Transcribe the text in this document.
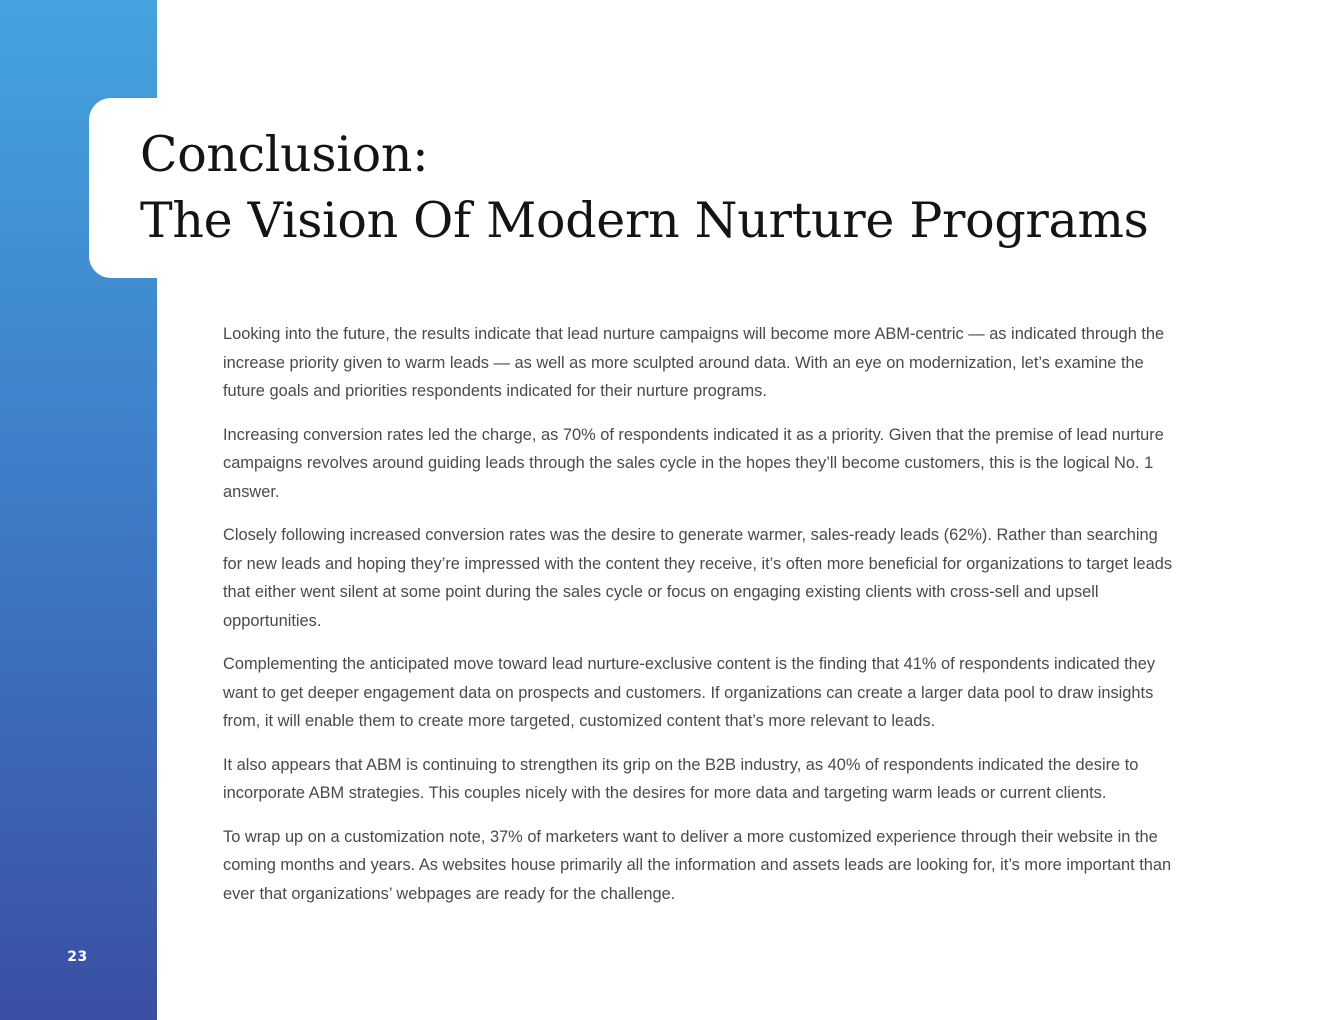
23
Conclusion:
The Vision Of Modern Nurture Programs

Looking into the future, the results indicate that lead nurture campaigns will become more ABM-centric — as indicated through the increase priority given to warm leads — as well as more sculpted around data. With an eye on modernization, let’s examine the future goals and priorities respondents indicated for their nurture programs.

Increasing conversion rates led the charge, as 70% of respondents indicated it as a priority. Given that the premise of lead nurture campaigns revolves around guiding leads through the sales cycle in the hopes they’ll become customers, this is the logical No. 1 answer.

Closely following increased conversion rates was the desire to generate warmer, sales-ready leads (62%). Rather than searching for new leads and hoping they’re impressed with the content they receive, it’s often more beneficial for organizations to target leads that either went silent at some point during the sales cycle or focus on engaging existing clients with cross-sell and upsell opportunities.

Complementing the anticipated move toward lead nurture-exclusive content is the finding that 41% of respondents indicated they want to get deeper engagement data on prospects and customers. If organizations can create a larger data pool to draw insights from, it will enable them to create more targeted, customized content that’s more relevant to leads.

It also appears that ABM is continuing to strengthen its grip on the B2B industry, as 40% of respondents indicated the desire to incorporate ABM strategies. This couples nicely with the desires for more data and targeting warm leads or current clients.

To wrap up on a customization note, 37% of marketers want to deliver a more customized experience through their website in the coming months and years. As websites house primarily all the information and assets leads are looking for, it’s more important than ever that organizations’ webpages are ready for the challenge.
